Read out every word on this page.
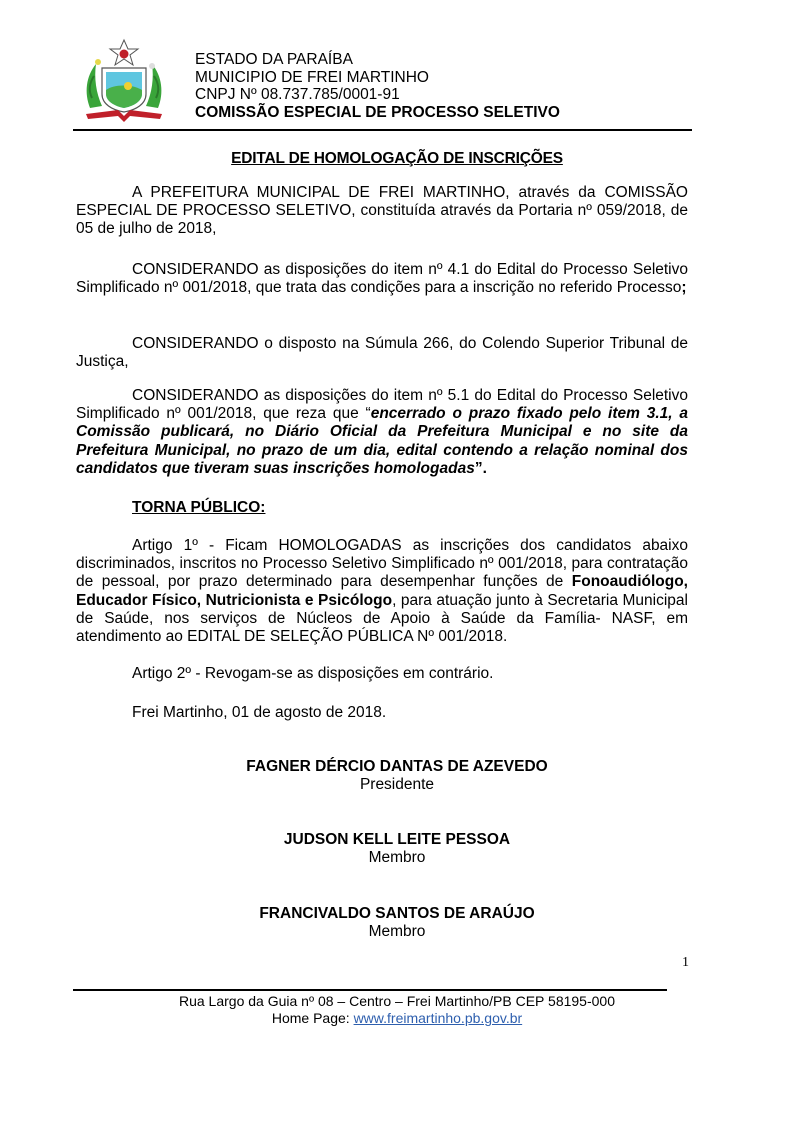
ESTADO DA PARAÍBA
MUNICIPIO DE FREI MARTINHO
CNPJ Nº 08.737.785/0001-91
COMISSÃO ESPECIAL DE PROCESSO SELETIVO
EDITAL DE HOMOLOGAÇÃO DE INSCRIÇÕES
A PREFEITURA MUNICIPAL DE FREI MARTINHO, através da COMISSÃO ESPECIAL DE PROCESSO SELETIVO, constituída através da Portaria nº 059/2018, de 05 de julho de 2018,
CONSIDERANDO as disposições do item nº 4.1 do Edital do Processo Seletivo Simplificado nº 001/2018, que trata das condições para a inscrição no referido Processo;
CONSIDERANDO o disposto na Súmula 266, do Colendo Superior Tribunal de Justiça,
CONSIDERANDO as disposições do item nº 5.1 do Edital do Processo Seletivo Simplificado nº 001/2018, que reza que “encerrado o prazo fixado pelo item 3.1, a Comissão publicará, no Diário Oficial da Prefeitura Municipal e no site da Prefeitura Municipal, no prazo de um dia, edital contendo a relação nominal dos candidatos que tiveram suas inscrições homologadas”.
TORNA PÚBLICO:
Artigo 1º - Ficam HOMOLOGADAS as inscrições dos candidatos abaixo discriminados, inscritos no Processo Seletivo Simplificado nº 001/2018, para contratação de pessoal, por prazo determinado para desempenhar funções de Fonoaudiólogo, Educador Físico, Nutricionista e Psicólogo, para atuação junto à Secretaria Municipal de Saúde, nos serviços de Núcleos de Apoio à Saúde da Família- NASF, em atendimento ao EDITAL DE SELEÇÃO PÚBLICA Nº 001/2018.
Artigo 2º - Revogam-se as disposições em contrário.
Frei Martinho, 01 de agosto de 2018.
FAGNER DÉRCIO DANTAS DE AZEVEDO
Presidente
JUDSON KELL LEITE PESSOA
Membro
FRANCIVALDO SANTOS DE ARAÚJO
Membro
1
Rua Largo da Guia nº 08 – Centro – Frei Martinho/PB CEP 58195-000
Home Page: www.freimartinho.pb.gov.br
